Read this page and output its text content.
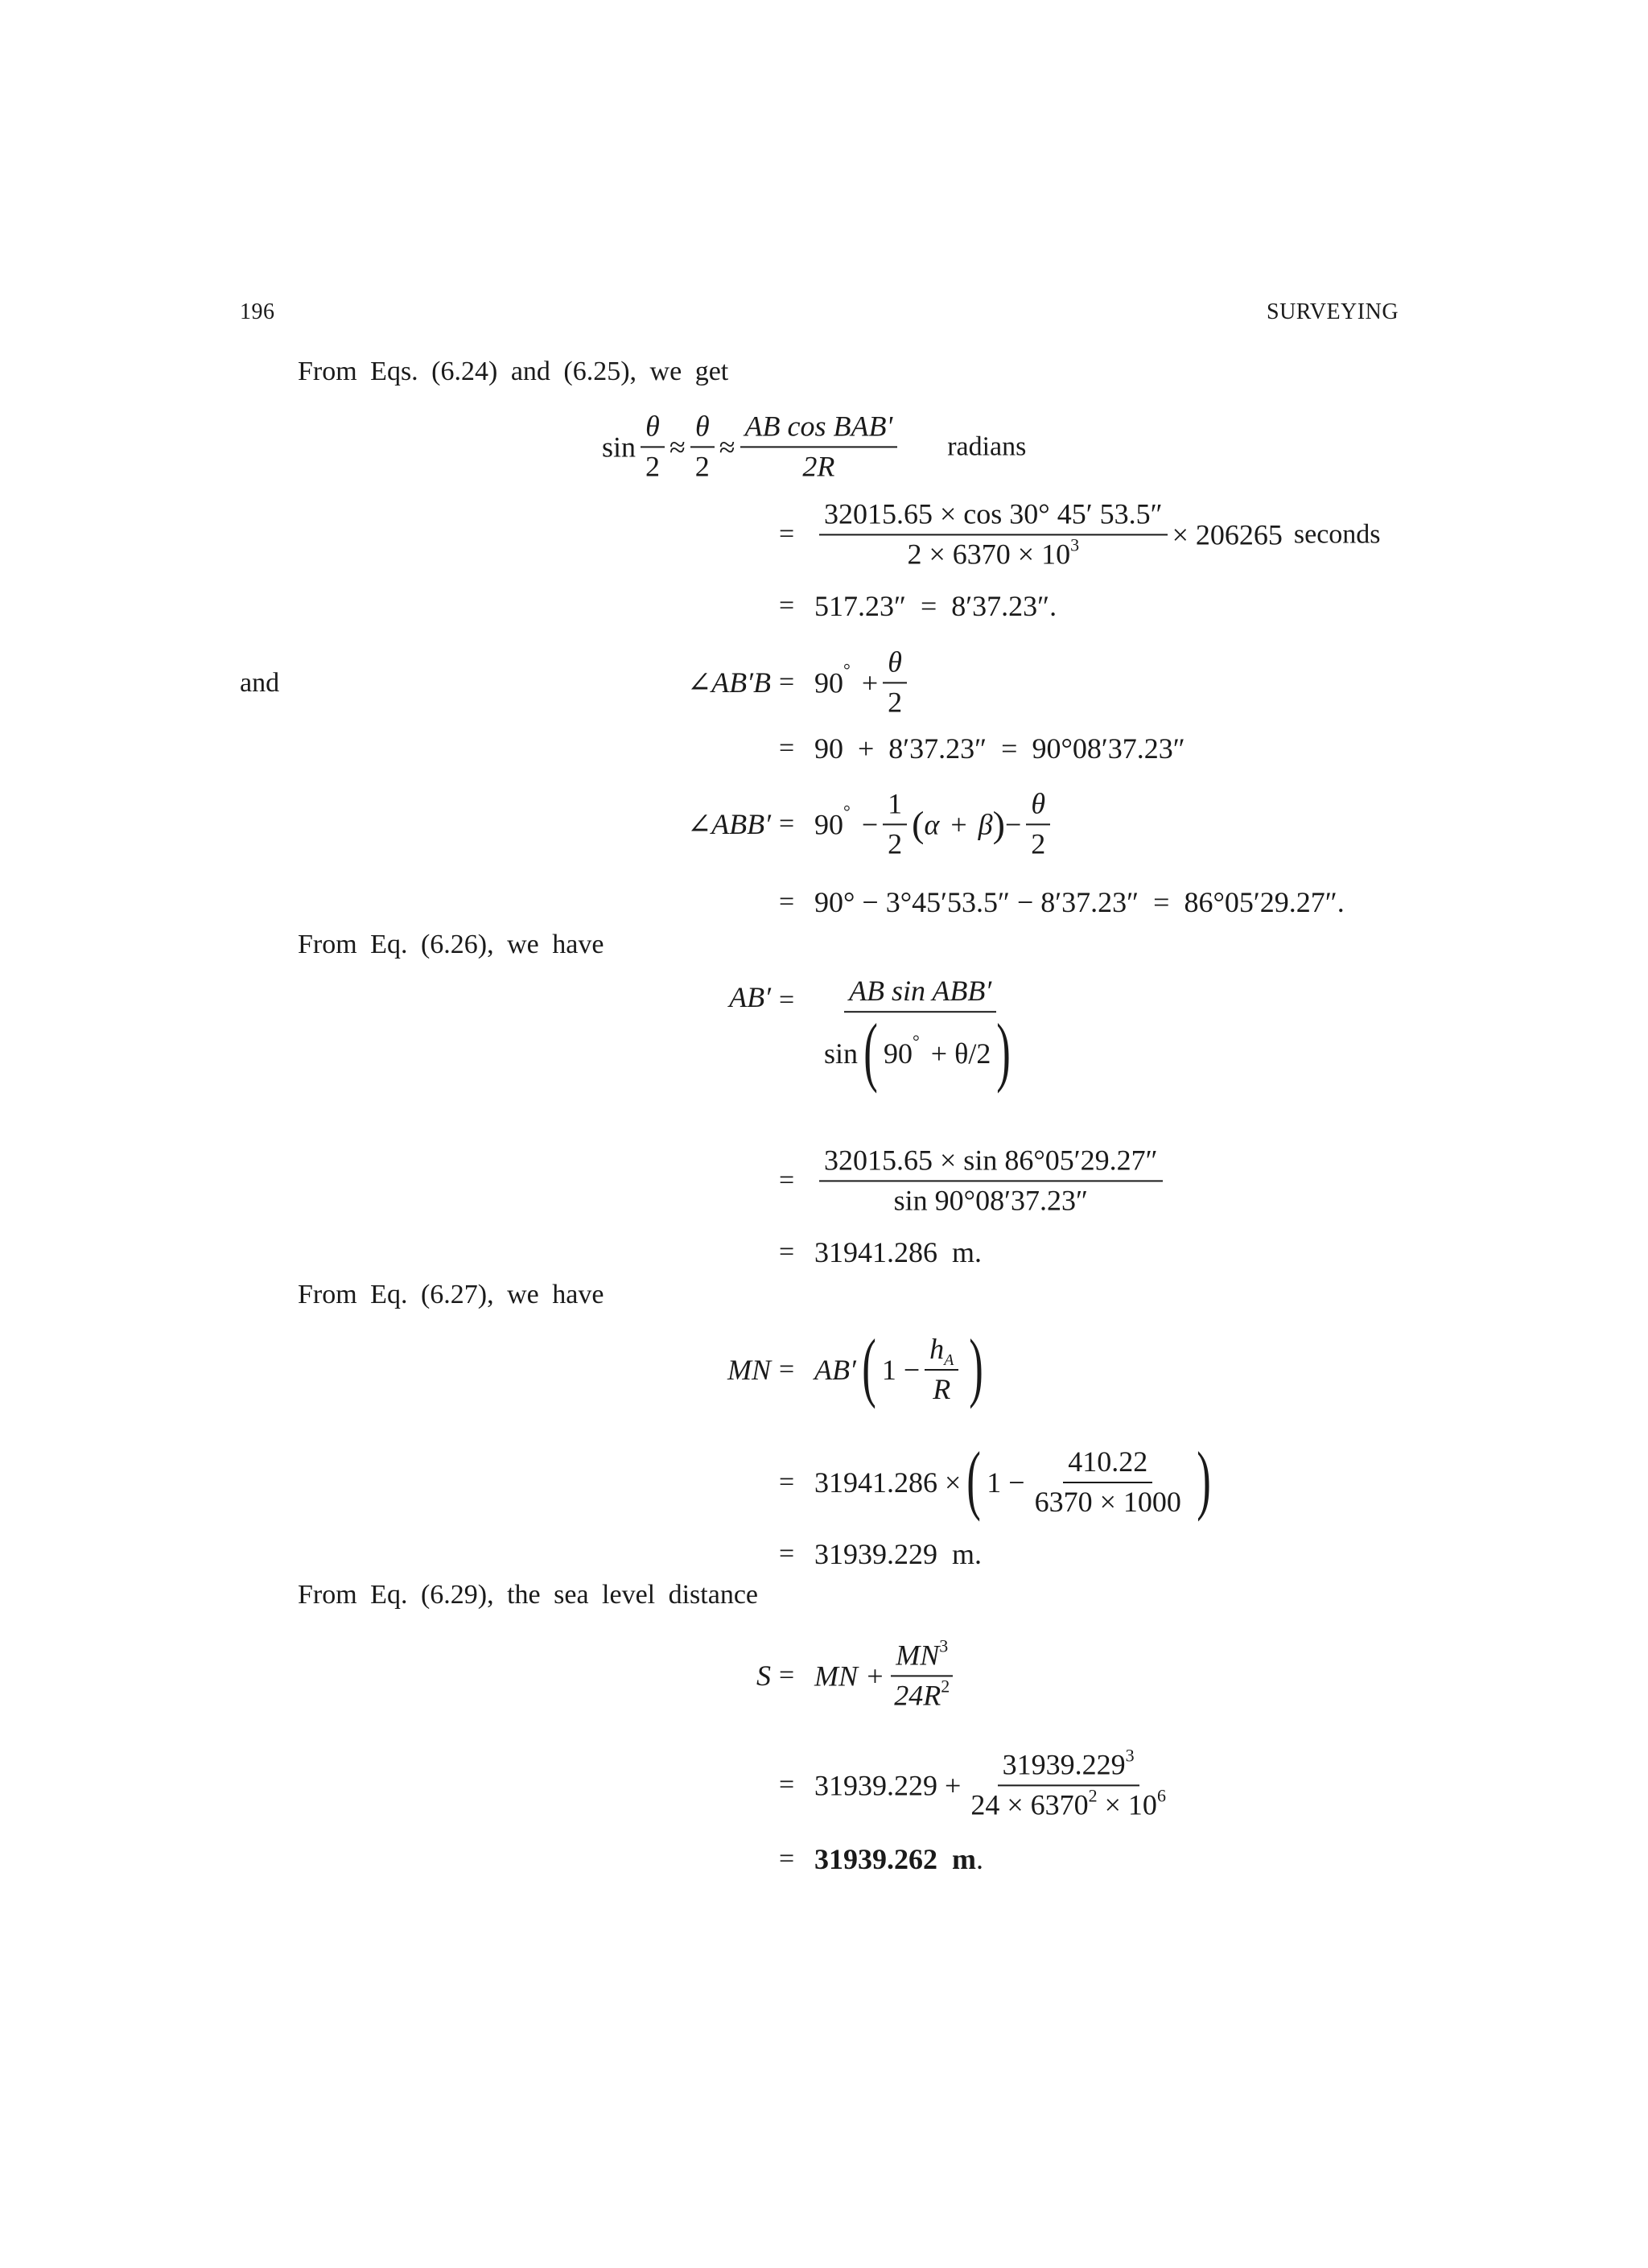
196	SURVEYING
From Eqs. (6.24) and (6.25), we get
$\sin \frac{\theta}{2} \approx \frac{\theta}{2} \approx \frac{\text{AB cos BAB'}}{2R}$ radians
= $\frac{32015.65 \times \cos 30^\circ 45' 53.5''}{2 \times 6370 \times 10^3} \times 206265$ seconds
= 517.23″  =  8′37.23″.
and	∠AB′B = 90 ° + $\frac{\theta}{2}$
= 90  +  8′37.23″  =  90°08′37.23″
∠ABB′ = 90 ° − $\frac{1}{2}$ ( α + β ) − $\frac{\theta}{2}$
= 90° − 3°45′53.5″ − 8′37.23″  =  86°05′29.27″.
From Eq. (6.26), we have
$AB' = \frac{\text{AB sin ABB′}}{\sin ( 90 ^\circ + \theta/2 )}$
= $\frac{32015.65 \times \sin 86^\circ 05'29.27''}{\sin 90^\circ 08'37.23''}$
= 31941.286  m.
From Eq. (6.27), we have
MN = AB′ ( $1 - \frac{h_A}{R}$ )
= 31941.286 × ( $1 - \frac{410.22}{6370 \times 1000}$ )
= 31939.229  m.
From Eq. (6.29), the sea level distance
S = MN + $\frac{MN^3}{24R^2}$
= $31939.229 + \frac{31939.229^3}{24 \times 6370^2 \times 10^6}$
= 31939.262  m .
